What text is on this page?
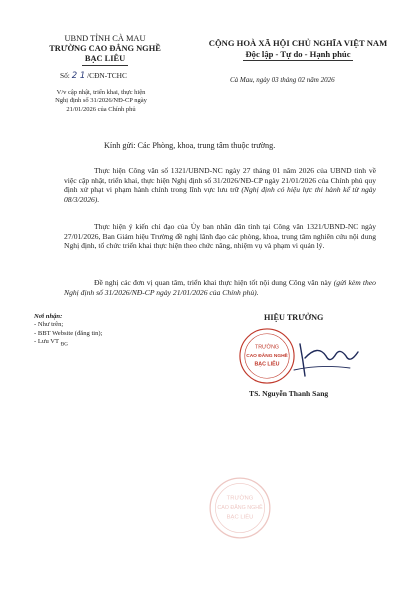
UBND TỈNH CÀ MAU
TRƯỜNG CAO ĐẲNG NGHỀ
BẠC LIÊU
CỘNG HOÀ XÃ HỘI CHỦ NGHĨA VIỆT NAM
Độc lập - Tự do - Hạnh phúc
Số: 2 1 /CĐN-TCHC	Cà Mau, ngày 03 tháng 02 năm 2026
V/v cập nhật, triển khai, thực hiện
Nghị định số 31/2026/NĐ-CP ngày
21/01/2026 của Chính phủ
Kính gửi: Các Phòng, khoa, trung tâm thuộc trường.
Thực hiện Công văn số 1321/UBND-NC ngày 27 tháng 01 năm 2026 của UBND tỉnh về việc cập nhật, triển khai, thực hiện Nghị định số 31/2026/NĐ-CP ngày 21/01/2026 của Chính phủ quy định xử phạt vi phạm hành chính trong lĩnh vực lưu trữ (Nghị định có hiệu lực thi hành kể từ ngày 08/3/2026).
Thực hiện ý kiến chỉ đạo của Ủy ban nhân dân tỉnh tại Công văn 1321/UBND-NC ngày 27/01/2026, Ban Giám hiệu Trường đề nghị lãnh đạo các phòng, khoa, trung tâm nghiên cứu nội dung Nghị định, tổ chức triển khai thực hiện theo chức năng, nhiệm vụ và phạm vi quản lý.
Đề nghị các đơn vị quan tâm, triển khai thực hiện tốt nội dung Công văn này (gửi kèm theo Nghị định số 31/2026/NĐ-CP ngày 21/01/2026 của Chính phủ).
Nơi nhận:
- Như trên;
- BBT Website (đăng tin);
- Lưu VT $_{ĐG}$
HIỆU TRƯỞNG
TRƯỜNG
CAO ĐẲNG NGHỀ
BẠC LIÊU
TS. Nguyễn Thanh Sang
TRƯỜNG
CAO ĐẲNG NGHỀ
BẠC LIÊU
